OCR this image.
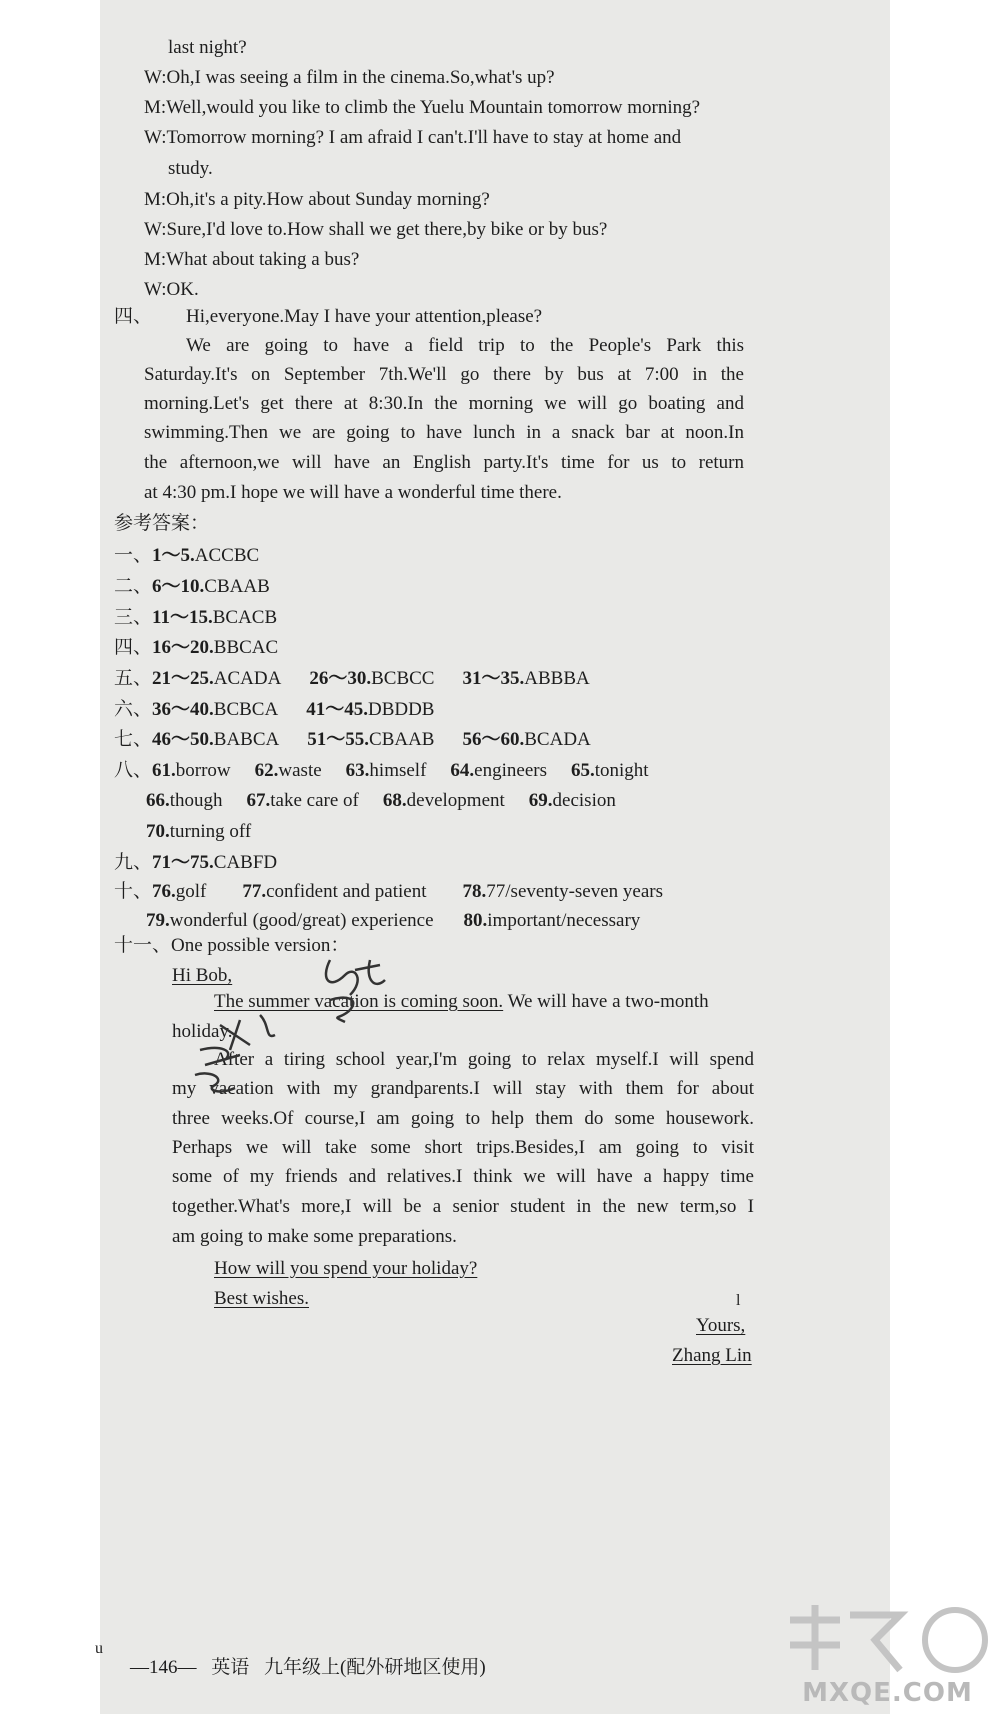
last night?
W:Oh,I was seeing a film in the cinema.So,what's up?
M:Well,would you like to climb the Yuelu Mountain tomorrow morning?
W:Tomorrow morning? I am afraid I can't.I'll have to stay at home and
study.
M:Oh,it's a pity.How about Sunday morning?
W:Sure,I'd love to.How shall we get there,by bike or by bus?
M:What about taking a bus?
W:OK.
四、 Hi,everyone.May I have your attention,please?
We are going to have a field trip to the People's Park this
Saturday.It's on September 7th.We'll go there by bus at 7:00 in the
morning.Let's get there at 8:30.In the morning we will go boating and
swimming.Then we are going to have lunch in a snack bar at noon.In
the afternoon,we will have an English party.It's time for us to return
at 4:30 pm.I hope we will have a wonderful time there.
参考答案：
一、1～5.ACCBC
二、6～10.CBAAB
三、11～15.BCACB
四、16～20.BBCAC
五、21～25.ACADA 26～30.BCBCC 31～35.ABBBA
六、36～40.BCBCA 41～45.DBDDB
七、46～50.BABCA 51～55.CBAAB 56～60.BCADA
八、61.borrow 62.waste 63.himself 64.engineers 65.tonight
66.though 67.take care of 68.development 69.decision
70.turning off
九、71～75.CABFD
十、76.golf 77.confident and patient 78.77/seventy-seven years
79.wonderful (good/great) experience 80.important/necessary
十一、One possible version：
Hi Bob,
The summer vacation is coming soon. We will have a two-month
holiday.
After a tiring school year,I'm going to relax myself.I will spend
my vacation with my grandparents.I will stay with them for about
three weeks.Of course,I am going to help them do some housework.
Perhaps we will take some short trips.Besides,I am going to visit
some of my friends and relatives.I think we will have a happy time
together.What's more,I will be a senior student in the new term,so I
am going to make some preparations.
How will you spend your holiday?
Best wishes.	l
Yours,
Zhang Lin
—146— 英语 九年级上(配外研地区使用)
u
MXQE.COM
